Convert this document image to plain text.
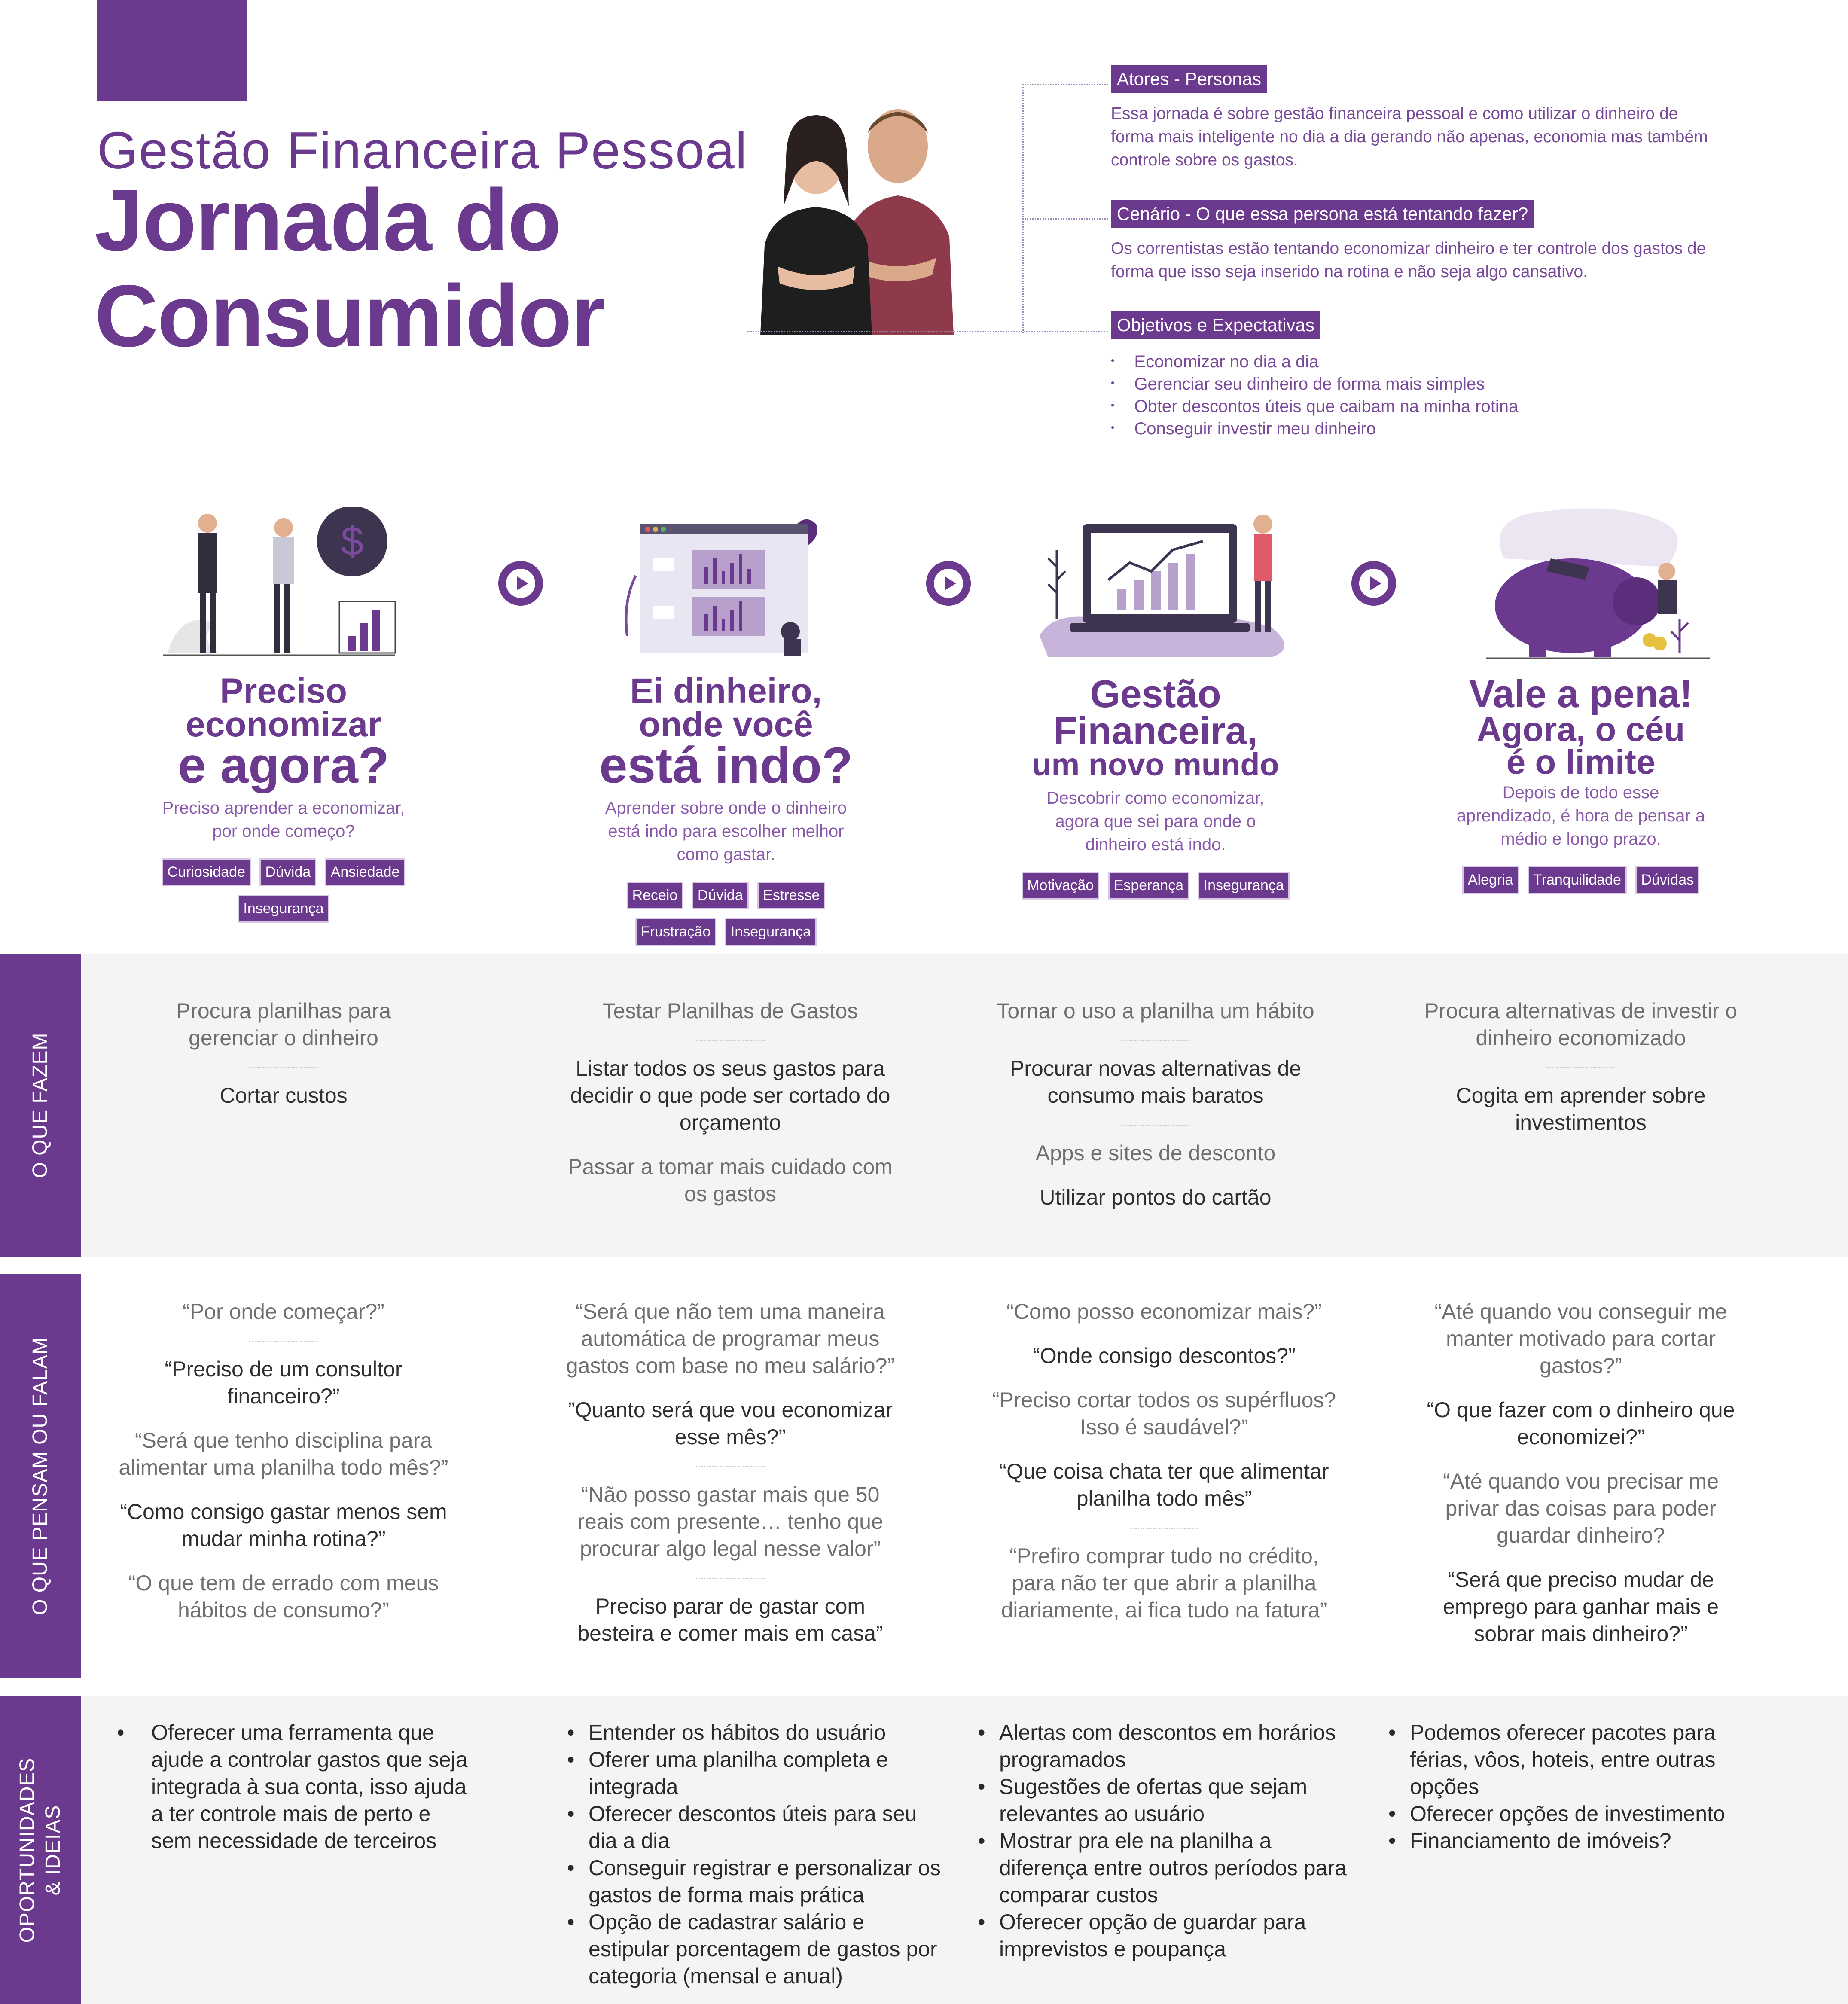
Gestão Financeira Pessoal
Jornada do
Consumidor
Atores - Personas
Essa jornada é sobre gestão financeira pessoal e como utilizar o dinheiro de forma mais inteligente no dia a dia gerando não apenas, economia mas também controle sobre os gastos.
Cenário - O que essa persona está tentando fazer?
Os correntistas estão tentando economizar dinheiro e ter controle dos gastos de forma que isso seja inserido na rotina e não seja algo cansativo.
Objetivos e Expectativas
• Economizar no dia a dia
• Gerenciar seu dinheiro de forma mais simples
• Obter descontos úteis que caibam na minha rotina
• Conseguir investir meu dinheiro
$
Preciso
economizar
e agora?
Preciso aprender a economizar, por onde começo?
Curiosidade Dúvida Ansiedade
Insegurança
Ei dinheiro,
onde você
está indo?
Aprender sobre onde o dinheiro está indo para escolher melhor como gastar.
Receio Dúvida Estresse
Frustração Insegurança
Gestão
Financeira,
um novo mundo
Descobrir como economizar, agora que sei para onde o dinheiro está indo.
Motivação Esperança Insegurança
Vale a pena!
Agora, o céu
é o limite
Depois de todo esse aprendizado, é hora de pensar a médio e longo prazo.
Alegria Tranquilidade Dúvidas
O QUE FAZEM

Procura planilhas para gerenciar o dinheiro

Cortar custos

Testar Planilhas de Gastos

Listar todos os seus gastos para decidir o que pode ser cortado do orçamento

Passar a tomar mais cuidado com os gastos

Tornar o uso a planilha um hábito

Procurar novas alternativas de consumo mais baratos

Apps e sites de desconto

Utilizar pontos do cartão

Procura alternativas de investir o dinheiro economizado

Cogita em aprender sobre investimentos

O QUE PENSAM OU FALAM

“Por onde começar?”

“Preciso de um consultor financeiro?”

“Será que tenho disciplina para alimentar uma planilha todo mês?”

“Como consigo gastar menos sem mudar minha rotina?”

“O que tem de errado com meus hábitos de consumo?”

“Será que não tem uma maneira automática de programar meus gastos com base no meu salário?”

”Quanto será que vou economizar esse mês?”

“Não posso gastar mais que 50 reais com presente… tenho que procurar algo legal nesse valor”

Preciso parar de gastar com besteira e comer mais em casa”

“Como posso economizar mais?”

“Onde consigo descontos?”

“Preciso cortar todos os supérfluos? Isso é saudável?”

“Que coisa chata ter que alimentar planilha todo mês”

“Prefiro comprar tudo no crédito, para não ter que abrir a planilha diariamente, ai fica tudo na fatura”

“Até quando vou conseguir me manter motivado para cortar gastos?”

“O que fazer com o dinheiro que economizei?”

“Até quando vou precisar me privar das coisas para poder guardar dinheiro?

“Será que preciso mudar de emprego para ganhar mais e sobrar mais dinheiro?”

OPORTUNIDADES & IDEIAS
• Oferecer uma ferramenta que ajude a controlar gastos que seja integrada à sua conta, isso ajuda a ter controle mais de perto e sem necessidade de terceiros
• Entender os hábitos do usuário
• Oferer uma planilha completa e integrada
• Oferecer descontos úteis para seu dia a dia
• Conseguir registrar e personalizar os gastos de forma mais prática
• Opção de cadastrar salário e estipular porcentagem de gastos por categoria (mensal e anual)
• Alertas com descontos em horários programados
• Sugestões de ofertas que sejam relevantes ao usuário
• Mostrar pra ele na planilha a diferença entre outros períodos para comparar custos
• Oferecer opção de guardar para imprevistos e poupança
• Podemos oferecer pacotes para férias, vôos, hoteis, entre outras opções
• Oferecer opções de investimento
• Financiamento de imóveis?
